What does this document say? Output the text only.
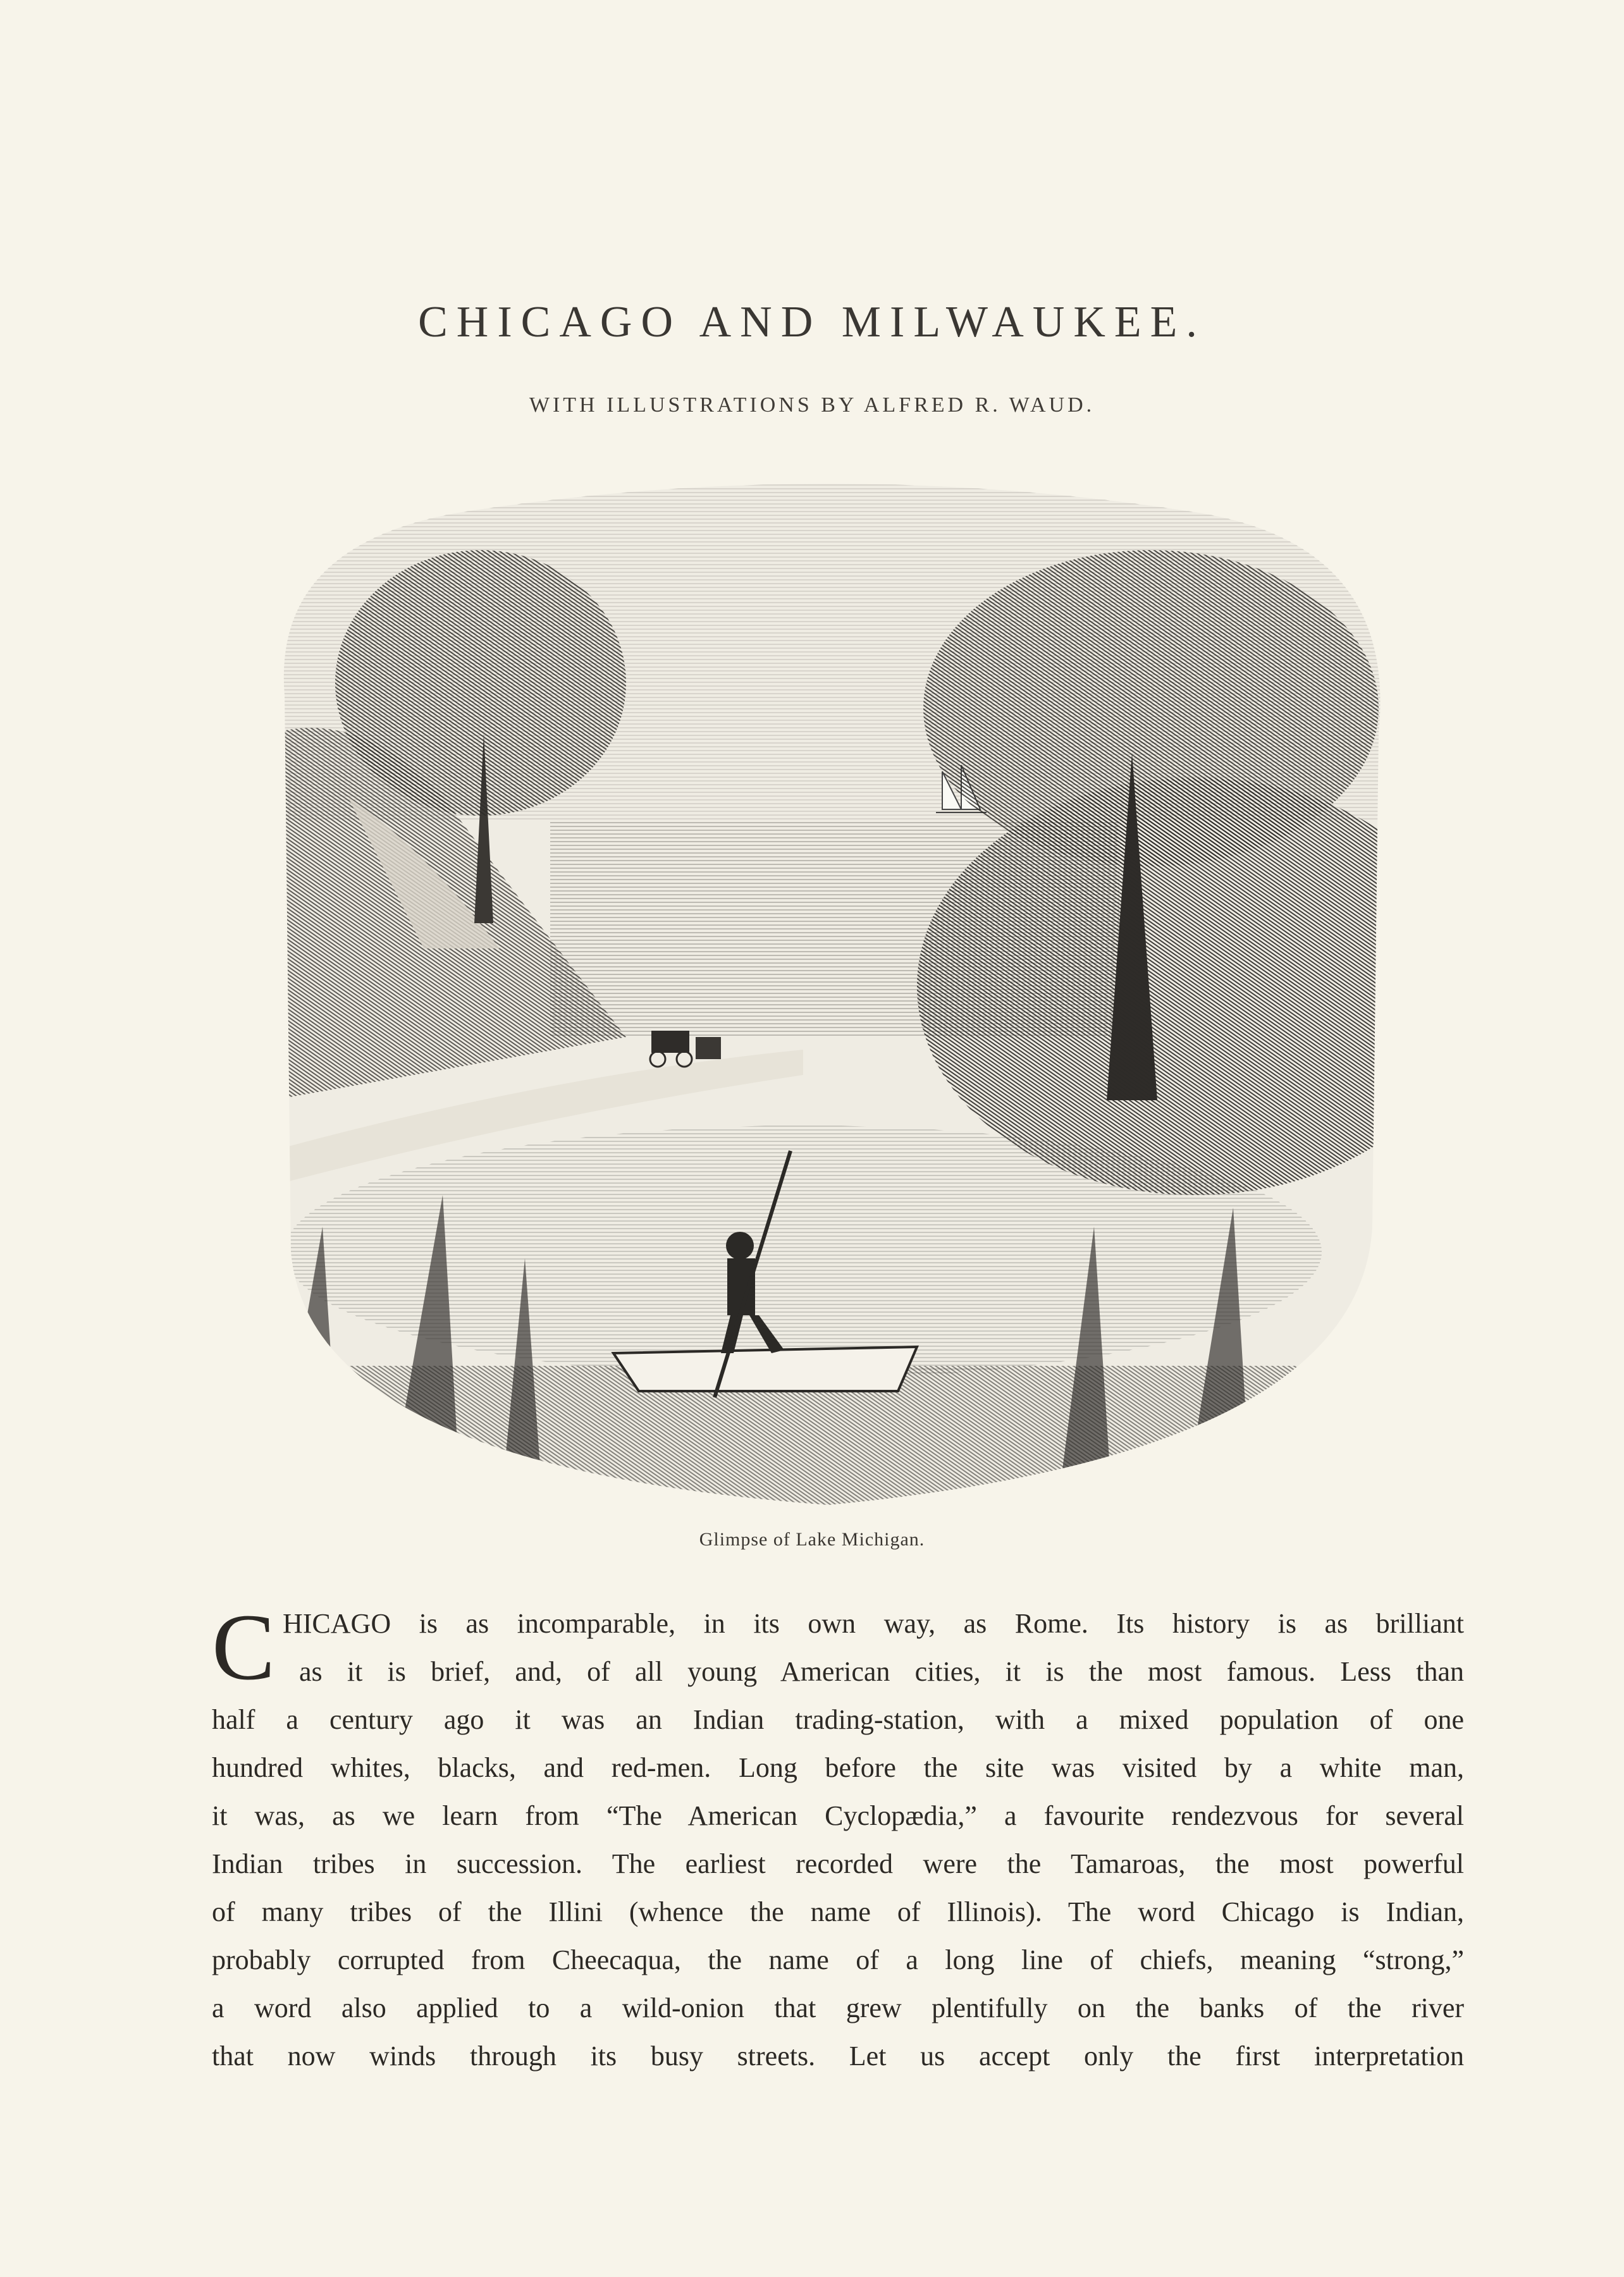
CHICAGO AND MILWAUKEE.
WITH ILLUSTRATIONS BY ALFRED R. WAUD.
Glimpse of Lake Michigan.
C HICAGO is as incomparable, in its own way, as Rome. Its history is as brilliant
as it is brief, and, of all young American cities, it is the most famous. Less than
half a century ago it was an Indian trading-station, with a mixed population of one
hundred whites, blacks, and red-men. Long before the site was visited by a white man,
it was, as we learn from “The American Cyclopædia,” a favourite rendezvous for several
Indian tribes in succession. The earliest recorded were the Tamaroas, the most powerful
of many tribes of the Illini (whence the name of Illinois). The word Chicago is Indian,
probably corrupted from Cheecaqua, the name of a long line of chiefs, meaning “strong,”
a word also applied to a wild-onion that grew plentifully on the banks of the river
that now winds through its busy streets. Let us accept only the first interpretation
